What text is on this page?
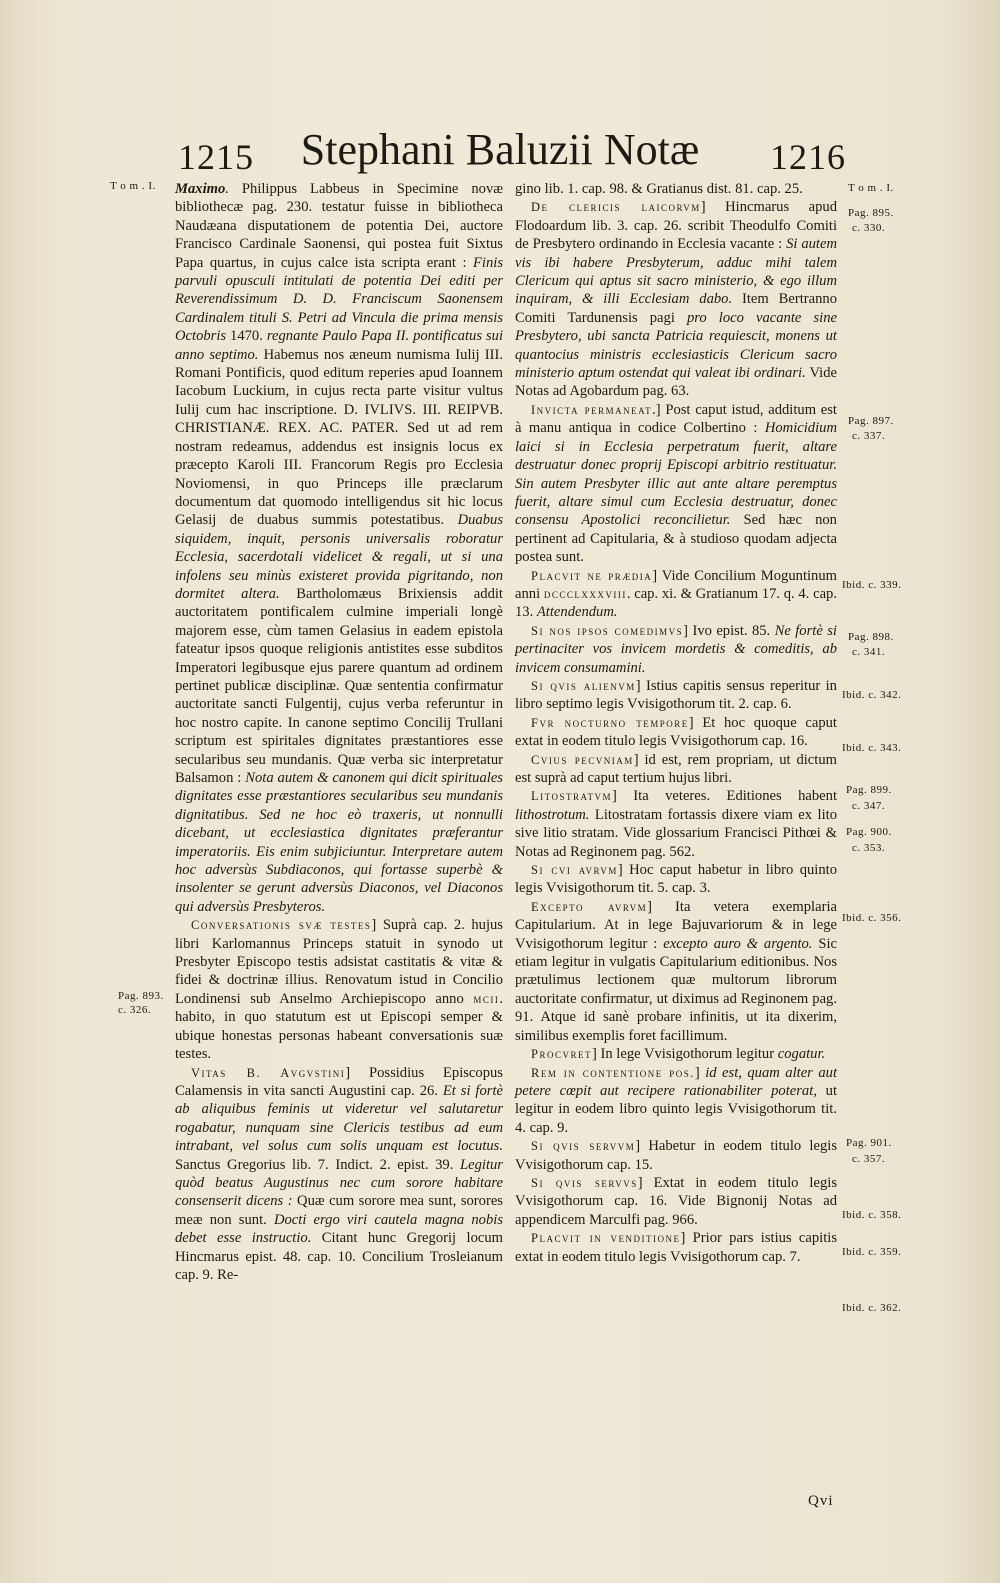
1215	Stephani Baluzii Notæ	1216
T o m . I.	T o m . I.
Pag. 893.
c. 326.
Pag. 895.
c. 330.
Pag. 897.
c. 337.
Ibid. c. 339.
Pag. 898.
c. 341.
Ibid. c. 342.
Ibid. c. 343.
Pag. 899.
c. 347.
Pag. 900.
c. 353.
Ibid. c. 356.
Pag. 901.
c. 357.
Ibid. c. 358.
Ibid. c. 359.
Ibid. c. 362.

Maximo. Philippus Labbeus in Specimine novæ bibliothecæ pag. 230. testatur fuisse in bibliotheca Naudæana disputationem de potentia Dei, auctore Francisco Cardinale Saonensi, qui postea fuit Sixtus Papa quartus, in cujus calce ista scripta erant : Finis parvuli opusculi intitulati de potentia Dei editi per Reverendissimum D. D. Franciscum Saonensem Cardinalem tituli S. Petri ad Vincula die prima mensis Octobris 1470. regnante Paulo Papa II. pontificatus sui anno septimo. Habemus nos æneum numisma Iulij III. Romani Pontificis, quod editum reperies apud Ioannem Iacobum Luckium, in cujus recta parte visitur vultus Iulij cum hac inscriptione. D. IVLIVS. III. REIPVB. CHRISTIANÆ. REX. AC. PATER. Sed ut ad rem nostram redeamus, addendus est insignis locus ex præcepto Karoli III. Francorum Regis pro Ecclesia Noviomensi, in quo Princeps ille præclarum documentum dat quomodo intelligendus sit hic locus Gelasij de duabus summis potestatibus. Duabus siquidem, inquit, personis universalis roboratur Ecclesia, sacerdotali videlicet & regali, ut si una infolens seu minùs existeret provida pigritando, non dormitet altera. Bartholomæus Brixiensis addit auctoritatem pontificalem culmine imperiali longè majorem esse, cùm tamen Gelasius in eadem epistola fateatur ipsos quoque religionis antistites esse subditos Imperatori legibusque ejus parere quantum ad ordinem pertinet publicæ disciplinæ. Quæ sententia confirmatur auctoritate sancti Fulgentij, cujus verba referuntur in hoc nostro capite. In canone septimo Concilij Trullani scriptum est spiritales dignitates præstantiores esse secularibus seu mundanis. Quæ verba sic interpretatur Balsamon : Nota autem & canonem qui dicit spirituales dignitates esse præstantiores secularibus seu mundanis dignitatibus. Sed ne hoc eò traxeris, ut nonnulli dicebant, ut ecclesiastica dignitates præferantur imperatoriis. Eis enim subjiciuntur. Interpretare autem hoc adversùs Subdiaconos, qui fortasse superbè & insolenter se gerunt adversùs Diaconos, vel Diaconos qui adversùs Presbyteros.

Conversationis svæ testes] Suprà cap. 2. hujus libri Karlomannus Princeps statuit in synodo ut Presbyter Episcopo testis adsistat castitatis & vitæ & fidei & doctrinæ illius. Renovatum istud in Concilio Londinensi sub Anselmo Archiepiscopo anno mcii. habito, in quo statutum est ut Episcopi semper & ubique honestas personas habeant conversationis suæ testes.

Vitas B. Avgvstini] Possidius Episcopus Calamensis in vita sancti Augustini cap. 26. Et si fortè ab aliquibus feminis ut videretur vel salutaretur rogabatur, nunquam sine Clericis testibus ad eum intrabant, vel solus cum solis unquam est locutus. Sanctus Gregorius lib. 7. Indict. 2. epist. 39. Legitur quòd beatus Augustinus nec cum sorore habitare consenserit dicens : Quæ cum sorore mea sunt, sorores meæ non sunt. Docti ergo viri cautela magna nobis debet esse instructio. Citant hunc Gregorij locum Hincmarus epist. 48. cap. 10. Concilium Trosleianum cap. 9. Re-

gino lib. 1. cap. 98. & Gratianus dist. 81. cap. 25.

De clericis laicorvm] Hincmarus apud Flodoardum lib. 3. cap. 26. scribit Theodulfo Comiti de Presbytero ordinando in Ecclesia vacante : Si autem vis ibi habere Presbyterum, adduc mihi talem Clericum qui aptus sit sacro ministerio, & ego illum inquiram, & illi Ecclesiam dabo. Item Bertranno Comiti Tardunensis pagi pro loco vacante sine Presbytero, ubi sancta Patricia requiescit, monens ut quantocius ministris ecclesiasticis Clericum sacro ministerio aptum ostendat qui valeat ibi ordinari. Vide Notas ad Agobardum pag. 63.

Invicta permaneat.] Post caput istud, additum est à manu antiqua in codice Colbertino : Homicidium laici si in Ecclesia perpetratum fuerit, altare destruatur donec proprij Episcopi arbitrio restituatur. Sin autem Presbyter illic aut ante altare peremptus fuerit, altare simul cum Ecclesia destruatur, donec consensu Apostolici reconcilietur. Sed hæc non pertinent ad Capitularia, & à studioso quodam adjecta postea sunt.

Placvit ne prædia] Vide Concilium Moguntinum anni dccclxxxviii. cap. xi. & Gratianum 17. q. 4. cap. 13. Attendendum.

Si nos ipsos comedimvs] Ivo epist. 85. Ne fortè si pertinaciter vos invicem mordetis & comeditis, ab invicem consumamini.

Si qvis alienvm] Istius capitis sensus reperitur in libro septimo legis Vvisigothorum tit. 2. cap. 6.

Fvr nocturno tempore] Et hoc quoque caput extat in eodem titulo legis Vvisigothorum cap. 16.

Cvius pecvniam] id est, rem propriam, ut dictum est suprà ad caput tertium hujus libri.

Litostratvm] Ita veteres. Editiones habent lithostrotum. Litostratam fortassis dixere viam ex lito sive litio stratam. Vide glossarium Francisci Pithœi & Notas ad Reginonem pag. 562.

Si cvi avrvm] Hoc caput habetur in libro quinto legis Vvisigothorum tit. 5. cap. 3.

Excepto avrvm] Ita vetera exemplaria Capitularium. At in lege Bajuvariorum & in lege Vvisigothorum legitur : excepto auro & argento. Sic etiam legitur in vulgatis Capitularium editionibus. Nos prætulimus lectionem quæ multorum librorum auctoritate confirmatur, ut diximus ad Reginonem pag. 91. Atque id sanè probare infinitis, ut ita dixerim, similibus exemplis foret facillimum.

Procvret] In lege Vvisigothorum legitur cogatur.

Rem in contentione pos.] id est, quam alter aut petere cœpit aut recipere rationabiliter poterat, ut legitur in eodem libro quinto legis Vvisigothorum tit. 4. cap. 9.

Si qvis servvm] Habetur in eodem titulo legis Vvisigothorum cap. 15.

Si qvis servvs] Extat in eodem titulo legis Vvisigothorum cap. 16. Vide Bignonij Notas ad appendicem Marculfi pag. 966.

Placvit in venditione] Prior pars istius capitis extat in eodem titulo legis Vvisigothorum cap. 7.

Qvi
